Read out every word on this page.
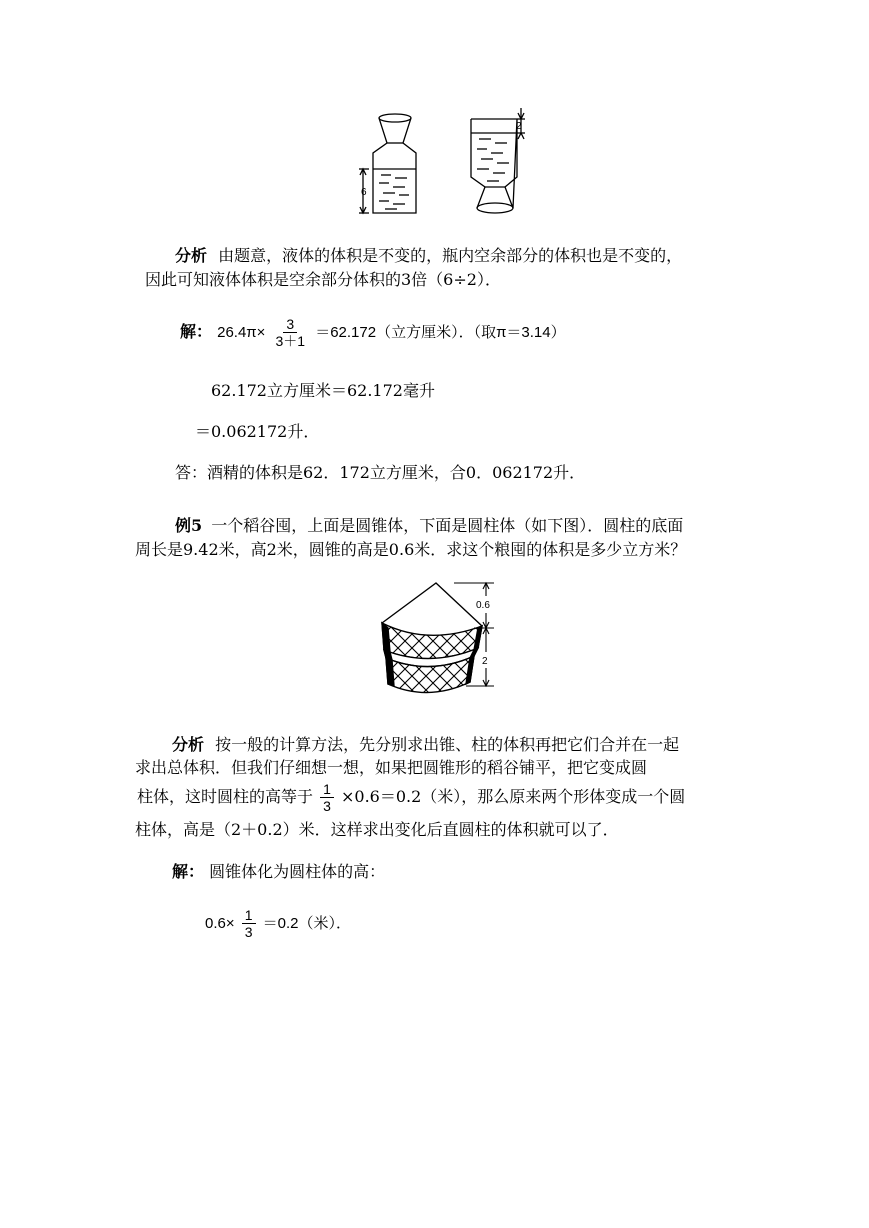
6
2
分析 由题意，液体的体积是不变的，瓶内空余部分的体积也是不变的，
因此可知液体体积是空余部分体积的3倍（6÷2）．
解： $26.4\pi\times \frac{3}{3+1} =62.172$（立方厘米）．（取π＝3.14）
62.172立方厘米＝62.172毫升
＝0.062172升．
答：酒精的体积是62．172立方厘米，合0．062172升．
例5 一个稻谷囤，上面是圆锥体，下面是圆柱体（如下图）．圆柱的底面
周长是9.42米，高2米，圆锥的高是0.6米．求这个粮囤的体积是多少立方米？
0.6
2
分析 按一般的计算方法，先分别求出锥、柱的体积再把它们合并在一起
求出总体积．但我们仔细想一想，如果把圆锥形的稻谷铺平，把它变成圆
柱体，这时圆柱的高等于 $\frac{1}{3} \times 0.6=0.2$（米），那么原来两个形体变成一个圆
柱体，高是（2＋0.2）米．这样求出变化后直圆柱的体积就可以了．
解： 圆锥体化为圆柱体的高：
$0.6\times \frac{1}{3} =0.2$（米）．
